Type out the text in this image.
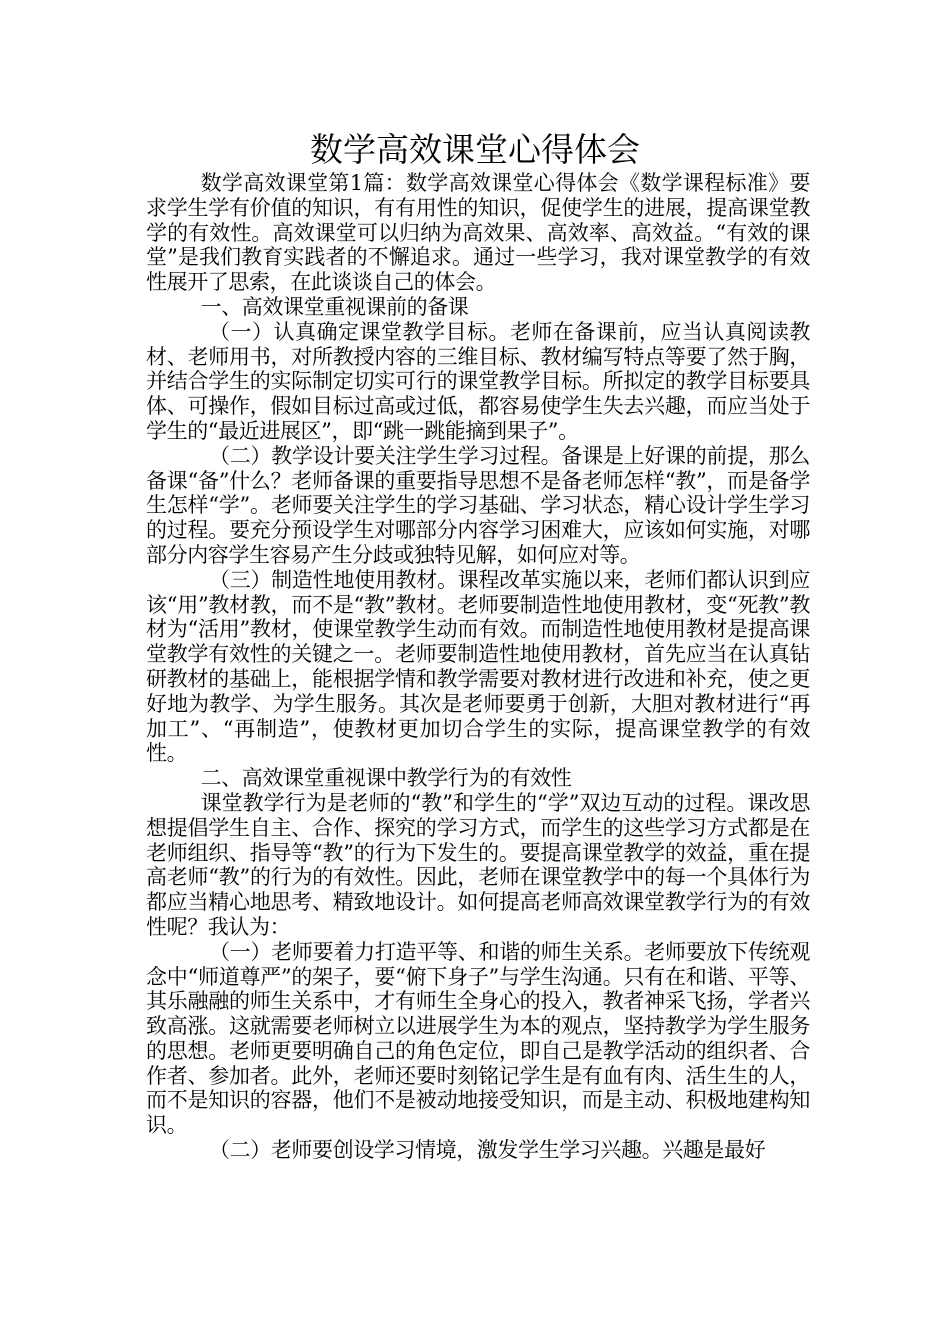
数学高效课堂心得体会

数学高效课堂第1篇：数学高效课堂心得体会《数学课程标准》要求学生学有价值的知识，有有用性的知识，促使学生的进展，提高课堂教学的有效性。高效课堂可以归纳为高效果、高效率、高效益。“有效的课堂”是我们教育实践者的不懈追求。通过一些学习，我对课堂教学的有效性展开了思索，在此谈谈自己的体会。

一、高效课堂重视课前的备课

（一）认真确定课堂教学目标。老师在备课前，应当认真阅读教材、老师用书，对所教授内容的三维目标、教材编写特点等要了然于胸，并结合学生的实际制定切实可行的课堂教学目标。所拟定的教学目标要具体、可操作，假如目标过高或过低，都容易使学生失去兴趣，而应当处于学生的“最近进展区”，即“跳一跳能摘到果子”。

（二）教学设计要关注学生学习过程。备课是上好课的前提，那么备课“备”什么？老师备课的重要指导思想不是备老师怎样“教”，而是备学生怎样“学”。老师要关注学生的学习基础、学习状态，精心设计学生学习的过程。要充分预设学生对哪部分内容学习困难大，应该如何实施，对哪部分内容学生容易产生分歧或独特见解，如何应对等。

（三）制造性地使用教材。课程改革实施以来，老师们都认识到应该“用”教材教，而不是“教”教材。老师要制造性地使用教材，变“死教”教材为“活用”教材，使课堂教学生动而有效。而制造性地使用教材是提高课堂教学有效性的关键之一。老师要制造性地使用教材，首先应当在认真钻研教材的基础上，能根据学情和教学需要对教材进行改进和补充，使之更好地为教学、为学生服务。其次是老师要勇于创新，大胆对教材进行“再加工”、“再制造”，使教材更加切合学生的实际，提高课堂教学的有效性。

二、高效课堂重视课中教学行为的有效性

课堂教学行为是老师的“教”和学生的“学”双边互动的过程。课改思想提倡学生自主、合作、探究的学习方式，而学生的这些学习方式都是在老师组织、指导等“教”的行为下发生的。要提高课堂教学的效益，重在提高老师“教”的行为的有效性。因此，老师在课堂教学中的每一个具体行为都应当精心地思考、精致地设计。如何提高老师高效课堂教学行为的有效性呢？我认为：

（一）老师要着力打造平等、和谐的师生关系。老师要放下传统观念中“师道尊严”的架子，要“俯下身子”与学生沟通。只有在和谐、平等、其乐融融的师生关系中，才有师生全身心的投入，教者神采飞扬，学者兴致高涨。这就需要老师树立以进展学生为本的观点，坚持教学为学生服务的思想。老师更要明确自己的角色定位，即自己是教学活动的组织者、合作者、参加者。此外，老师还要时刻铭记学生是有血有肉、活生生的人，而不是知识的容器，他们不是被动地接受知识，而是主动、积极地建构知识。

（二）老师要创设学习情境，激发学生学习兴趣。兴趣是最好
